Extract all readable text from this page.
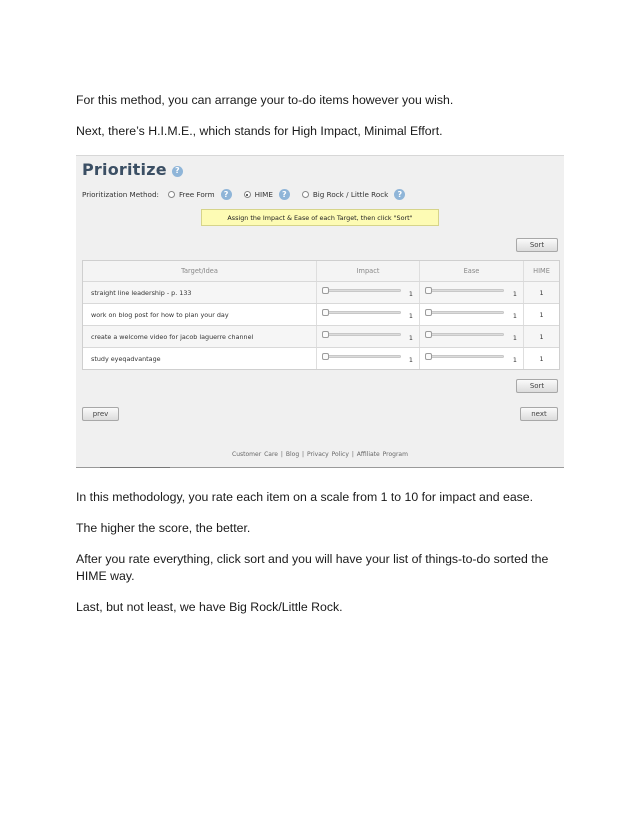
For this method, you can arrange your to-do items however you wish.

Next, there’s H.I.M.E., which stands for High Impact, Minimal Effort.

Prioritize	?
Prioritization Method:	Free Form	?	HIME	?	Big Rock / Little Rock	?
Assign the Impact & Ease of each Target, then click "Sort"
Sort
Target/Idea	Impact	Ease	HIME
straight line leadership - p. 133	1	1	1
work on blog post for how to plan your day	1	1	1
create a welcome video for jacob laguerre channel	1	1	1
study eyeqadvantage	1	1	1
Sort
prev	next
Customer Care | Blog | Privacy Policy | Affiliate Program

In this methodology, you rate each item on a scale from 1 to 10 for impact and ease.

The higher the score, the better.

After you rate everything, click sort and you will have your list of things-to-do sorted the HIME way.

Last, but not least, we have Big Rock/Little Rock.
